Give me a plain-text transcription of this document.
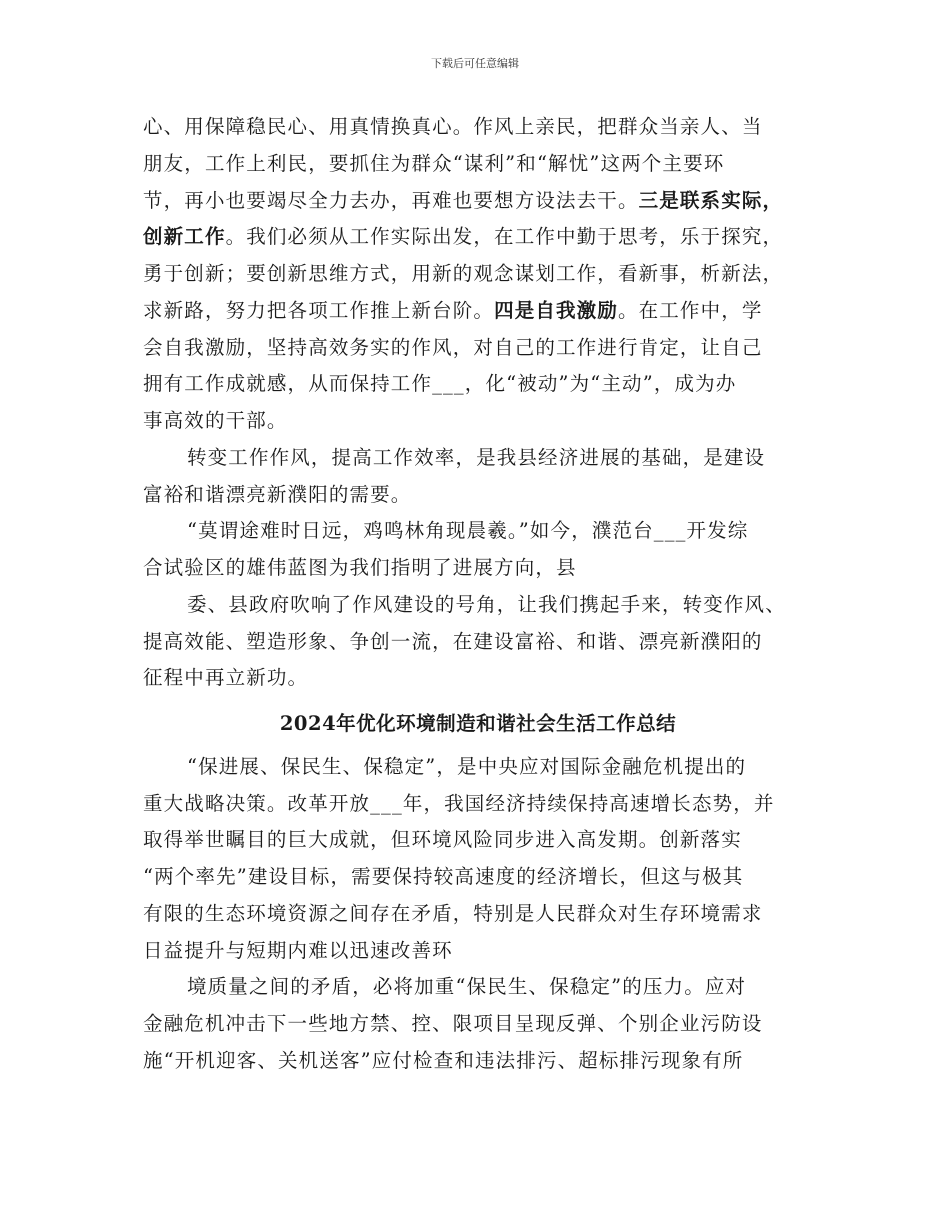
下载后可任意编辑
心、用保障稳民心、用真情换真心。作风上亲民，把群众当亲人、当
朋友，工作上利民，要抓住为群众“谋利”和“解忧”这两个主要环
节，再小也要竭尽全力去办，再难也要想方设法去干。三是联系实际，
创新工作。我们必须从工作实际出发，在工作中勤于思考，乐于探究，
勇于创新；要创新思维方式，用新的观念谋划工作，看新事，析新法，
求新路，努力把各项工作推上新台阶。四是自我激励。在工作中，学
会自我激励，坚持高效务实的作风，对自己的工作进行肯定，让自己
拥有工作成就感，从而保持工作___，化“被动”为“主动”，成为办
事高效的干部。
转变工作作风，提高工作效率，是我县经济进展的基础，是建设
富裕和谐漂亮新濮阳的需要。
“莫谓途难时日远，鸡鸣林角现晨羲。”如今，濮范台___开发综
合试验区的雄伟蓝图为我们指明了进展方向，县
委、县政府吹响了作风建设的号角，让我们携起手来，转变作风、
提高效能、塑造形象、争创一流，在建设富裕、和谐、漂亮新濮阳的
征程中再立新功。
2024年优化环境制造和谐社会生活工作总结
“保进展、保民生、保稳定”，是中央应对国际金融危机提出的
重大战略决策。改革开放___年，我国经济持续保持高速增长态势，并
取得举世瞩目的巨大成就，但环境风险同步进入高发期。创新落实
“两个率先”建设目标，需要保持较高速度的经济增长，但这与极其
有限的生态环境资源之间存在矛盾，特别是人民群众对生存环境需求
日益提升与短期内难以迅速改善环
境质量之间的矛盾，必将加重“保民生、保稳定”的压力。应对
金融危机冲击下一些地方禁、控、限项目呈现反弹、个别企业污防设
施“开机迎客、关机送客”应付检查和违法排污、超标排污现象有所
